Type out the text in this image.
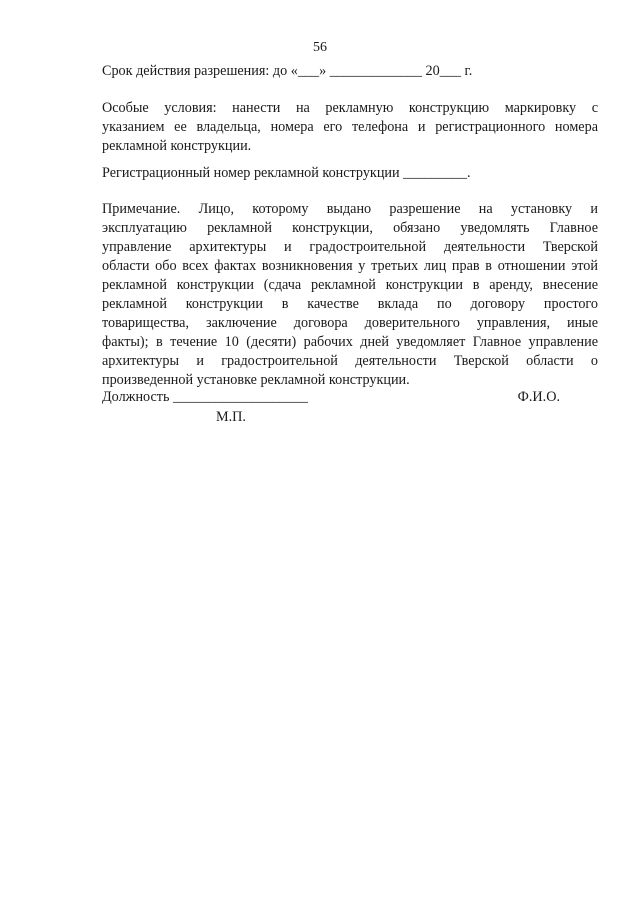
56
Срок действия разрешения: до «___» _____________ 20___ г.
Особые условия: нанести на рекламную конструкцию маркировку с
указанием ее владельца, номера его телефона и регистрационного номера
рекламной конструкции.
Регистрационный номер рекламной конструкции _________.
Примечание. Лицо, которому выдано разрешение на установку и
эксплуатацию рекламной конструкции, обязано уведомлять Главное
управление архитектуры и градостроительной деятельности Тверской
области обо всех фактах возникновения у третьих лиц прав в отношении этой
рекламной конструкции (сдача рекламной конструкции в аренду, внесение
рекламной конструкции в качестве вклада по договору простого
товарищества, заключение договора доверительного управления, иные
факты); в течение 10 (десяти) рабочих дней уведомляет Главное управление
архитектуры и градостроительной деятельности Тверской области о
произведенной установке рекламной конструкции.
Должность ___________________	Ф.И.О.
М.П.
